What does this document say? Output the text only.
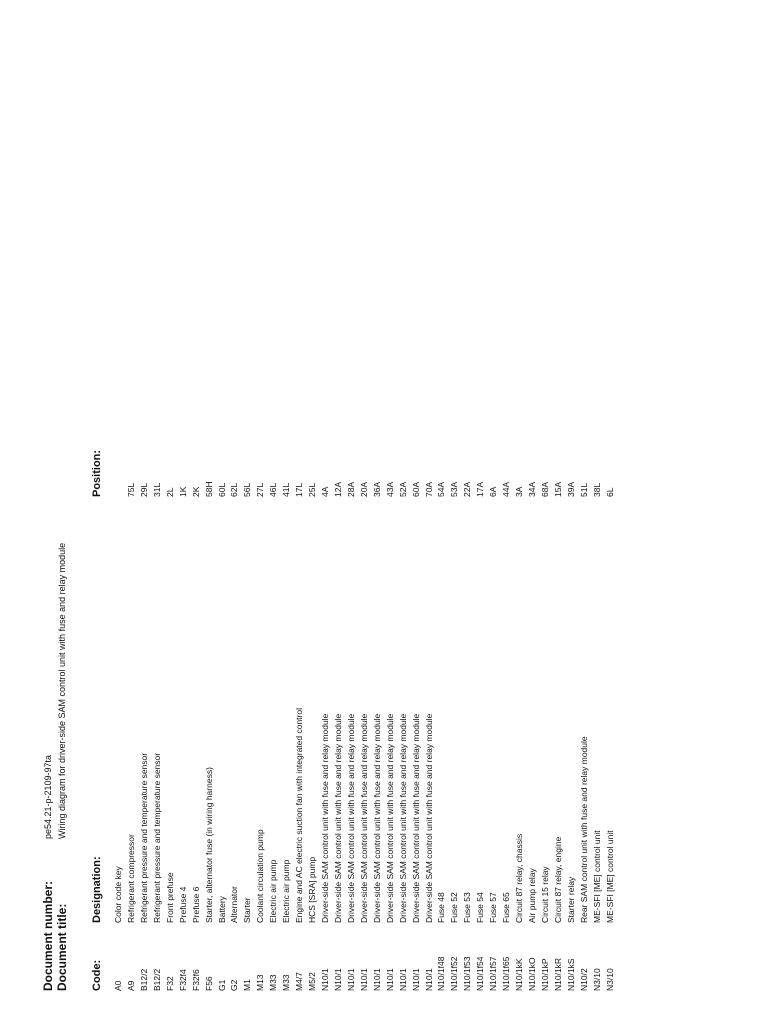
Document number:
pe54.21-p-2109-97ta
Document title:
Wiring diagram for driver-side SAM control unit with fuse and relay module
Code:
Designation:
Position:
A0
Color code key
A9
Refrigerant compressor
75L
B12/2
Refrigerant pressure and temperature sensor
29L
B12/2
Refrigerant pressure and temperature sensor
31L
F32
Front prefuse
2L
F32f4
Prefuse 4
1K
F32f6
Prefuse 6
2K
F56
Starter, alternator fuse (in wiring harness)
58H
G1
Battery
60L
G2
Alternator
62L
M1
Starter
56L
M13
Coolant circulation pump
27L
M33
Electric air pump
46L
M33
Electric air pump
41L
M4/7
Engine and AC electric suction fan with integrated control
17L
M5/2
HCS [SRA] pump
25L
N10/1
Driver-side SAM control unit with fuse and relay module
4A
N10/1
Driver-side SAM control unit with fuse and relay module
12A
N10/1
Driver-side SAM control unit with fuse and relay module
28A
N10/1
Driver-side SAM control unit with fuse and relay module
20A
N10/1
Driver-side SAM control unit with fuse and relay module
36A
N10/1
Driver-side SAM control unit with fuse and relay module
43A
N10/1
Driver-side SAM control unit with fuse and relay module
52A
N10/1
Driver-side SAM control unit with fuse and relay module
60A
N10/1
Driver-side SAM control unit with fuse and relay module
70A
N10/1f48
Fuse 48
54A
N10/1f52
Fuse 52
53A
N10/1f53
Fuse 53
22A
N10/1f54
Fuse 54
17A
N10/1f57
Fuse 57
6A
N10/1f65
Fuse 65
44A
N10/1kK
Circuit 87 relay, chassis
3A
N10/1kO
Air pump relay
34A
N10/1kP
Circuit 15 relay
68A
N10/1kR
Circuit 87 relay, engine
15A
N10/1kS
Starter relay
39A
N10/2
Rear SAM control unit with fuse and relay module
51L
N3/10
ME-SFI [ME] control unit
38L
N3/10
ME-SFI [ME] control unit
6L
